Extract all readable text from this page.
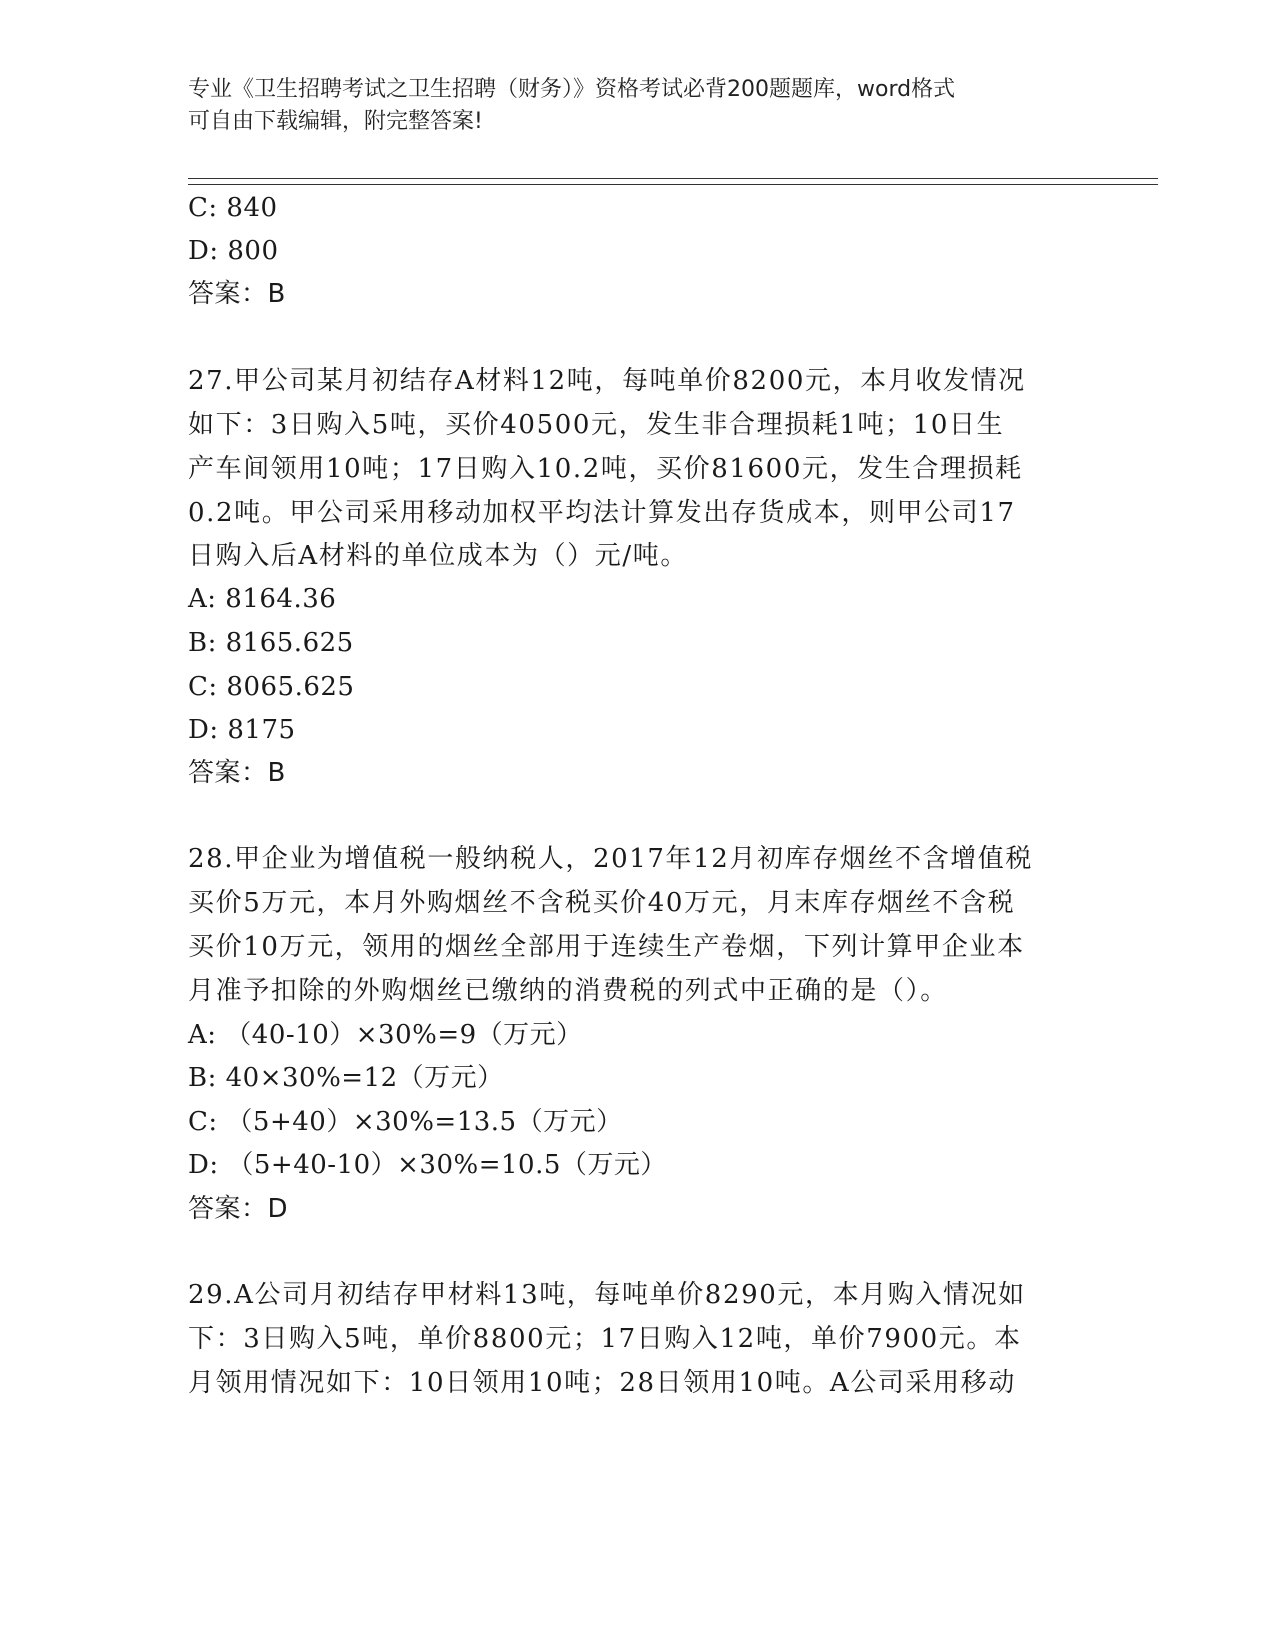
专业《卫生招聘考试之卫生招聘（财务）》资格考试必背200题题库，word格式
可自由下载编辑，附完整答案!
C: 840
D: 800
答案：B
27.甲公司某月初结存A材料12吨，每吨单价8200元，本月收发情况
如下：3日购入5吨，买价40500元，发生非合理损耗1吨；10日生
产车间领用10吨；17日购入10.2吨，买价81600元，发生合理损耗
0.2吨。甲公司采用移动加权平均法计算发出存货成本，则甲公司17
日购入后A材料的单位成本为（）元/吨。
A: 8164.36
B: 8165.625
C: 8065.625
D: 8175
答案：B
28.甲企业为增值税一般纳税人，2017年12月初库存烟丝不含增值税
买价5万元，本月外购烟丝不含税买价40万元，月末库存烟丝不含税
买价10万元，领用的烟丝全部用于连续生产卷烟，下列计算甲企业本
月准予扣除的外购烟丝已缴纳的消费税的列式中正确的是（）。
A: （40-10）×30%=9（万元）
B: 40×30%=12（万元）
C: （5+40）×30%=13.5（万元）
D: （5+40-10）×30%=10.5（万元）
答案：D
29.A公司月初结存甲材料13吨，每吨单价8290元，本月购入情况如
下：3日购入5吨，单价8800元；17日购入12吨，单价7900元。本
月领用情况如下：10日领用10吨；28日领用10吨。A公司采用移动
